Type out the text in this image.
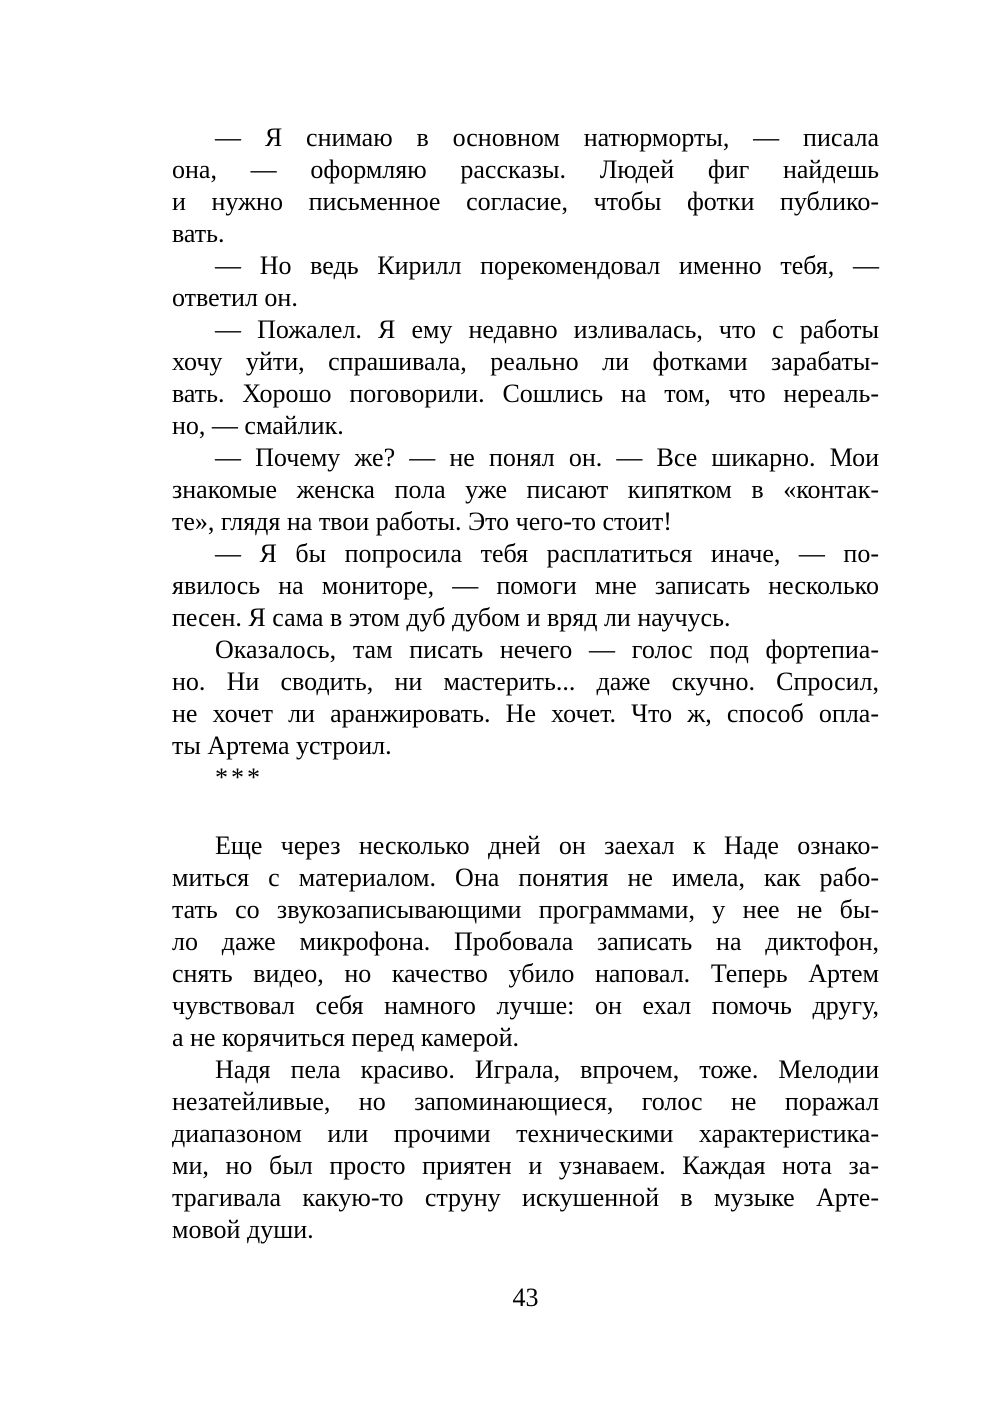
— Я снимаю в основном натюрморты, — писала
она, — оформляю рассказы. Людей фиг найдешь
и нужно письменное согласие, чтобы фотки публико-
вать.
— Но ведь Кирилл порекомендовал именно тебя, —
ответил он.
— Пожалел. Я ему недавно изливалась, что с работы
хочу уйти, спрашивала, реально ли фотками зарабаты-
вать. Хорошо поговорили. Сошлись на том, что нереаль-
но, — смайлик.
— Почему же? — не понял он. — Все шикарно. Мои
знакомые женска пола уже писают кипятком в «контак-
те», глядя на твои работы. Это чего-то стоит!
— Я бы попросила тебя расплатиться иначе, — по-
явилось на мониторе, — помоги мне записать несколько
песен. Я сама в этом дуб дубом и вряд ли научусь.
Оказалось, там писать нечего — голос под фортепиа-
но. Ни сводить, ни мастерить... даже скучно. Спросил,
не хочет ли аранжировать. Не хочет. Что ж, способ опла-
ты Артема устроил.
***
Еще через несколько дней он заехал к Наде ознако-
миться с материалом. Она понятия не имела, как рабо-
тать со звукозаписывающими программами, у нее не бы-
ло даже микрофона. Пробовала записать на диктофон,
снять видео, но качество убило наповал. Теперь Артем
чувствовал себя намного лучше: он ехал помочь другу,
а не корячиться перед камерой.
Надя пела красиво. Играла, впрочем, тоже. Мелодии
незатейливые, но запоминающиеся, голос не поражал
диапазоном или прочими техническими характеристика-
ми, но был просто приятен и узнаваем. Каждая нота за-
трагивала какую-то струну искушенной в музыке Арте-
мовой души.
43
